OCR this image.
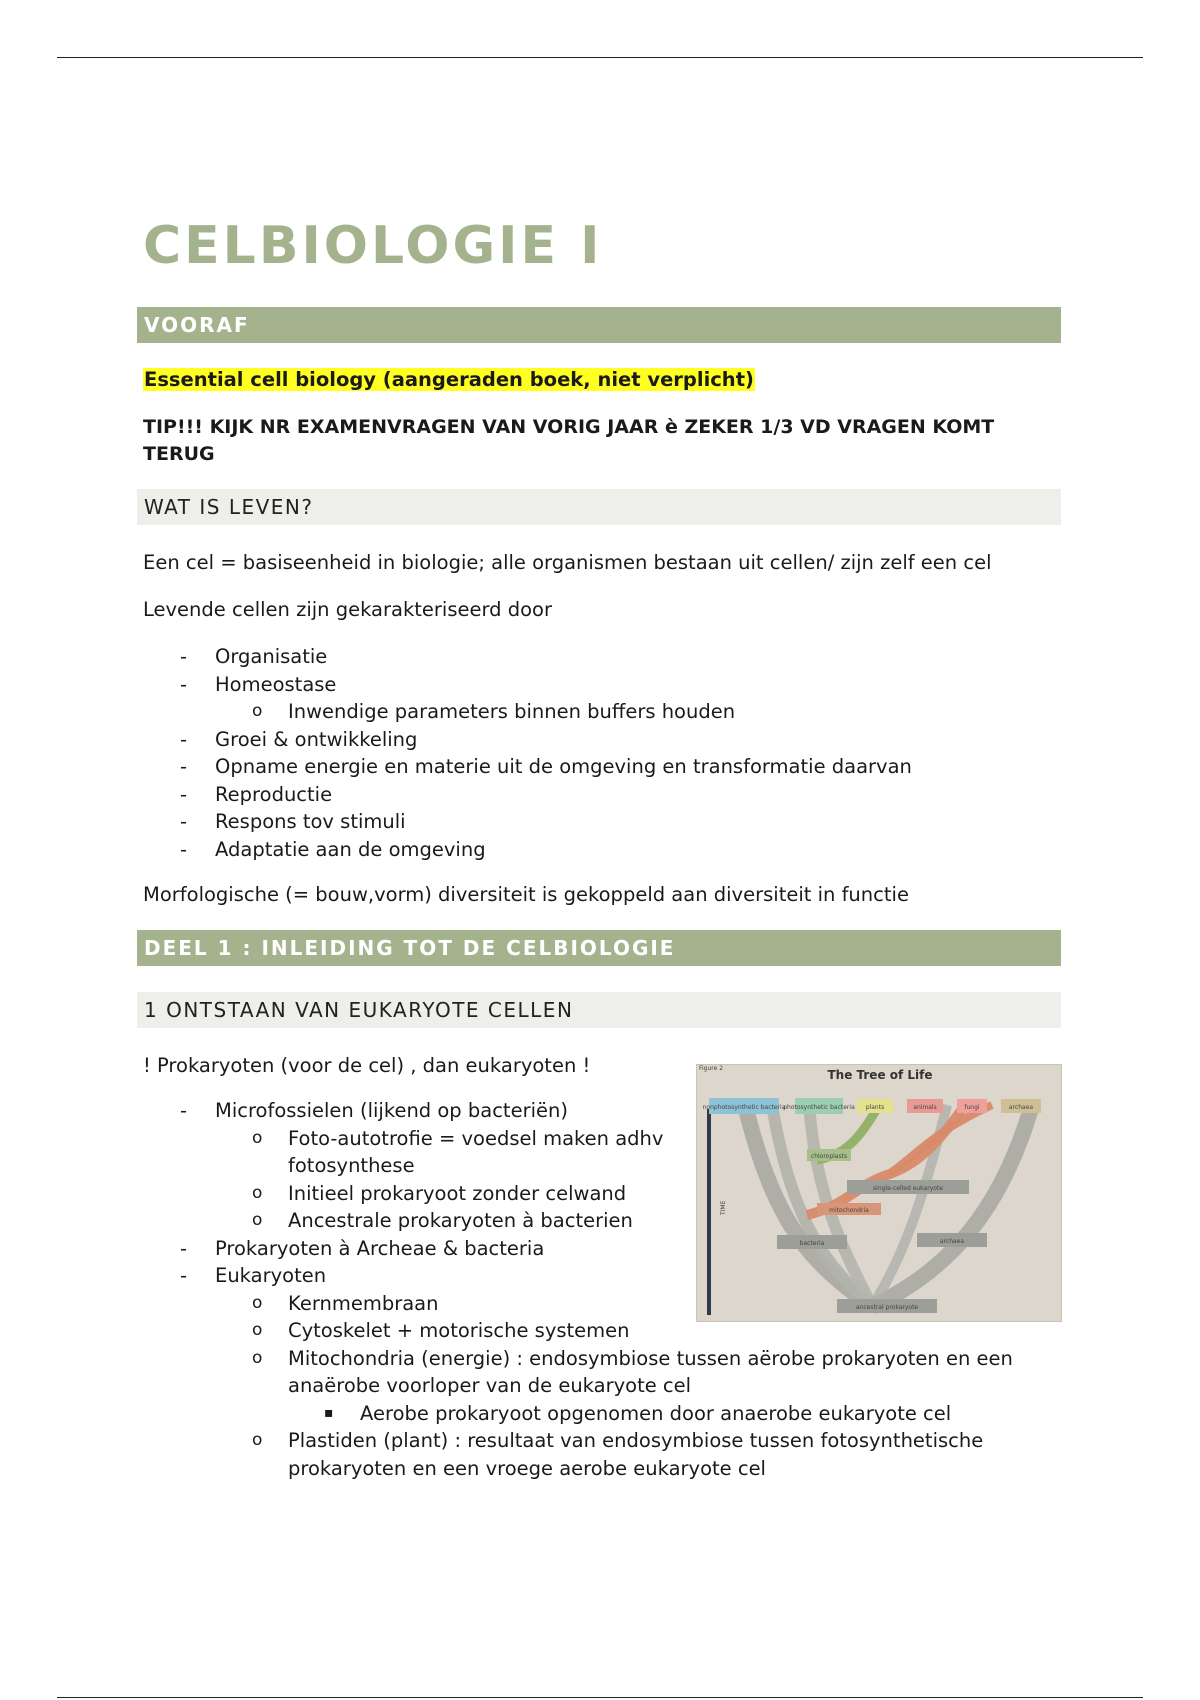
CELBIOLOGIE I
VOORAF

Essential cell biology (aangeraden boek, niet verplicht)

TIP!!! KIJK NR EXAMENVRAGEN VAN VORIG JAAR è ZEKER 1/3 VD VRAGEN KOMT TERUG

WAT IS LEVEN?

Een cel = basiseenheid in biologie; alle organismen bestaan uit cellen/ zijn zelf een cel

Levende cellen zijn gekarakteriseerd door

- Organisatie
- Homeostase
o Inwendige parameters binnen buffers houden
- Groei & ontwikkeling
- Opname energie en materie uit de omgeving en transformatie daarvan
- Reproductie
- Respons tov stimuli
- Adaptatie aan de omgeving

Morfologische (= bouw,vorm) diversiteit is gekoppeld aan diversiteit in functie

DEEL 1 : INLEIDING TOT DE CELBIOLOGIE
1 ONTSTAAN VAN EUKARYOTE CELLEN

! Prokaryoten (voor de cel) , dan eukaryoten !

- Microfossielen (lijkend op bacteriën)
o Foto-autotrofie = voedsel maken adhv
fotosynthese
o Initieel prokaryoot zonder celwand
o Ancestrale prokaryoten à bacterien
- Prokaryoten à Archeae & bacteria
- Eukaryoten
o Kernmembraan
o Cytoskelet + motorische systemen
o Mitochondria (energie) : endosymbiose tussen aërobe prokaryoten en een
anaërobe voorloper van de eukaryote cel
▪ Aerobe prokaryoot opgenomen door anaerobe eukaryote cel
o Plastiden (plant) : resultaat van endosymbiose tussen fotosynthetische
prokaryoten en een vroege aerobe eukaryote cel
Figure 2	The Tree of Life
TIME
nonphotosynthetic bacteria
photosynthetic bacteria plants	animals	fungi	archaea
chloroplasts
single-celled eukaryote
mitochondria
bacteria	archaea
ancestral prokaryote
